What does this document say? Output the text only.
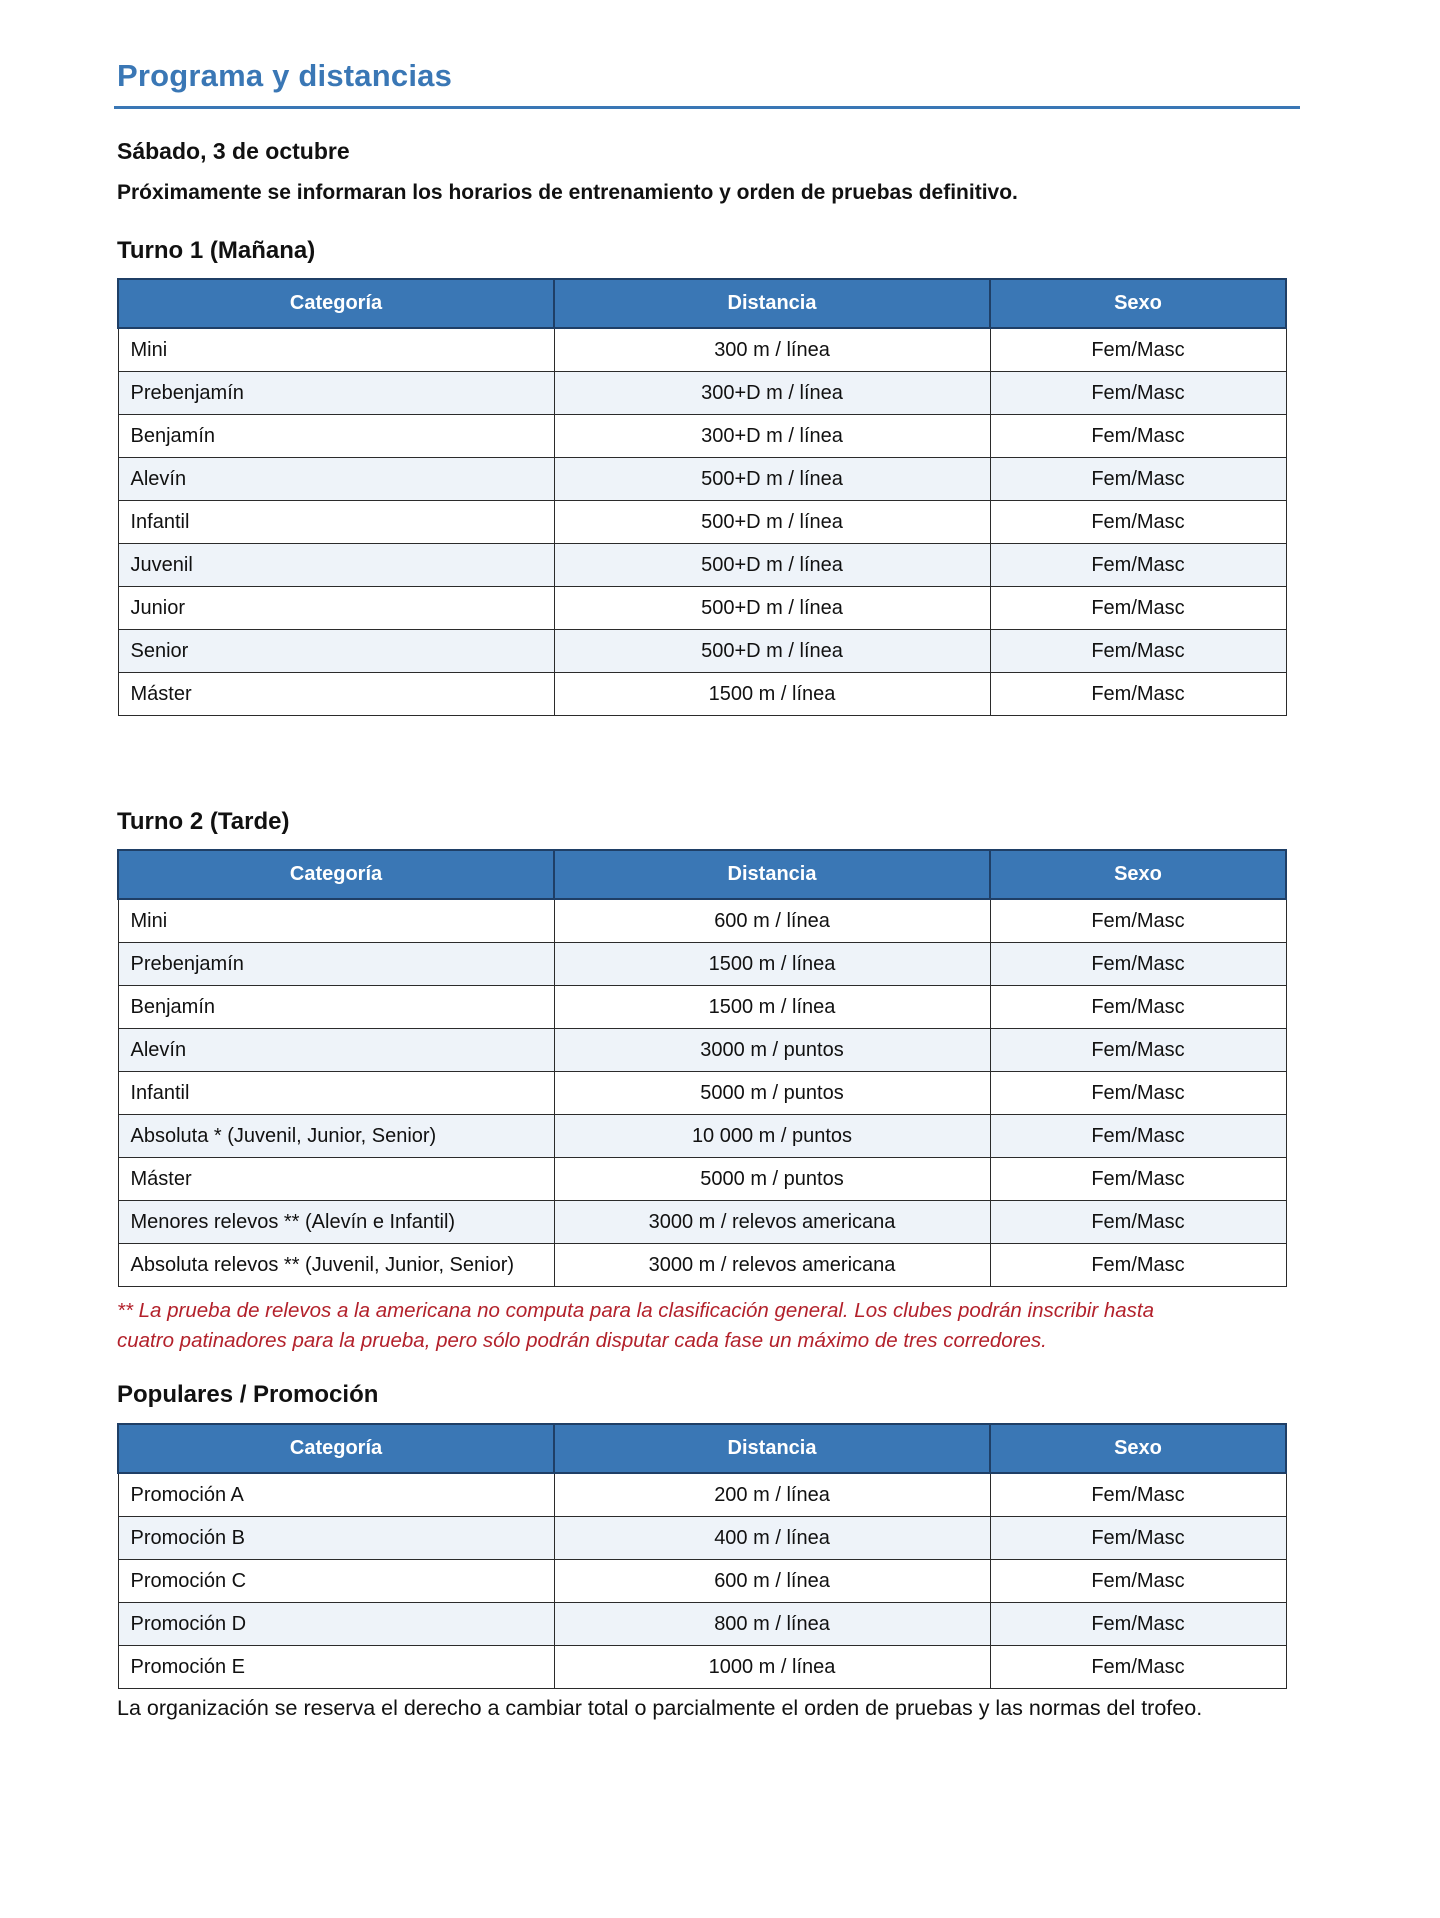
Programa y distancias
Sábado, 3 de octubre
Próximamente se informaran los horarios de entrenamiento y orden de pruebas definitivo.
Turno 1 (Mañana)
Categoría	Distancia	Sexo
Mini	300 m / línea	Fem/Masc
Prebenjamín	300+D m / línea	Fem/Masc
Benjamín	300+D m / línea	Fem/Masc
Alevín	500+D m / línea	Fem/Masc
Infantil	500+D m / línea	Fem/Masc
Juvenil	500+D m / línea	Fem/Masc
Junior	500+D m / línea	Fem/Masc
Senior	500+D m / línea	Fem/Masc
Máster	1500 m / línea	Fem/Masc
Turno 2 (Tarde)
Categoría	Distancia	Sexo
Mini	600 m / línea	Fem/Masc
Prebenjamín	1500 m / línea	Fem/Masc
Benjamín	1500 m / línea	Fem/Masc
Alevín	3000 m / puntos	Fem/Masc
Infantil	5000 m / puntos	Fem/Masc
Absoluta * (Juvenil, Junior, Senior)	10 000 m / puntos	Fem/Masc
Máster	5000 m / puntos	Fem/Masc
Menores relevos ** (Alevín e Infantil)	3000 m / relevos americana	Fem/Masc
Absoluta relevos ** (Juvenil, Junior, Senior)	3000 m / relevos americana	Fem/Masc
** La prueba de relevos a la americana no computa para la clasificación general. Los clubes podrán inscribir hasta
cuatro patinadores para la prueba, pero sólo podrán disputar cada fase un máximo de tres corredores.
Populares / Promoción
Categoría	Distancia	Sexo
Promoción A	200 m / línea	Fem/Masc
Promoción B	400 m / línea	Fem/Masc
Promoción C	600 m / línea	Fem/Masc
Promoción D	800 m / línea	Fem/Masc
Promoción E	1000 m / línea	Fem/Masc
La organización se reserva el derecho a cambiar total o parcialmente el orden de pruebas y las normas del trofeo.
